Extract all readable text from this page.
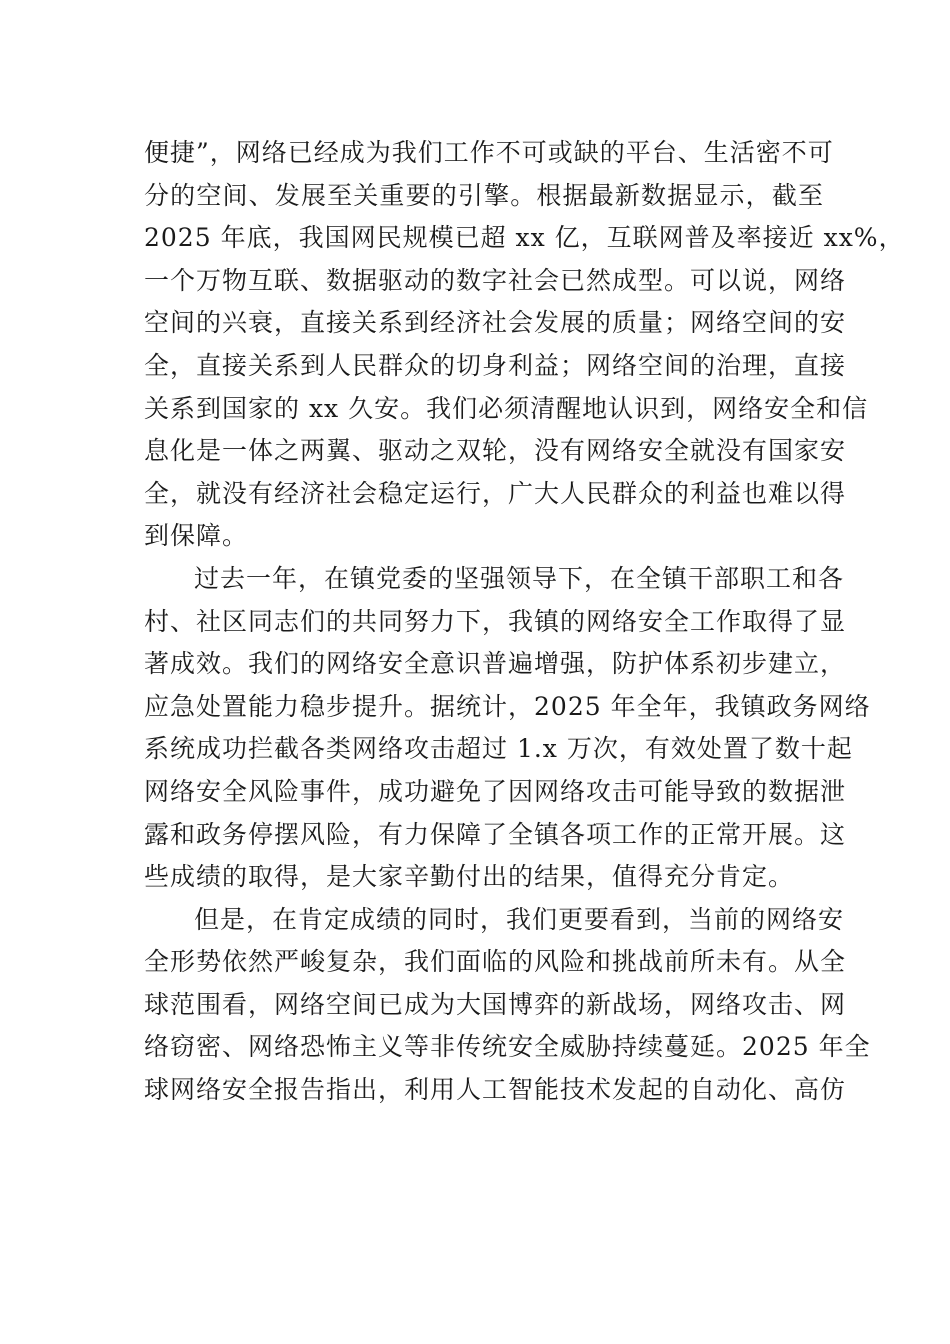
便捷”，网络已经成为我们工作不可或缺的平台、生活密不可
分的空间、发展至关重要的引擎。根据最新数据显示，截至
2025 年底，我国网民规模已超 xx 亿，互联网普及率接近 xx%，
一个万物互联、数据驱动的数字社会已然成型。可以说，网络
空间的兴衰，直接关系到经济社会发展的质量；网络空间的安
全，直接关系到人民群众的切身利益；网络空间的治理，直接
关系到国家的 xx 久安。我们必须清醒地认识到，网络安全和信
息化是一体之两翼、驱动之双轮，没有网络安全就没有国家安
全，就没有经济社会稳定运行，广大人民群众的利益也难以得
到保障。
过去一年，在镇党委的坚强领导下，在全镇干部职工和各
村、社区同志们的共同努力下，我镇的网络安全工作取得了显
著成效。我们的网络安全意识普遍增强，防护体系初步建立，
应急处置能力稳步提升。据统计，2025 年全年，我镇政务网络
系统成功拦截各类网络攻击超过 1.x 万次，有效处置了数十起
网络安全风险事件，成功避免了因网络攻击可能导致的数据泄
露和政务停摆风险，有力保障了全镇各项工作的正常开展。这
些成绩的取得，是大家辛勤付出的结果，值得充分肯定。
但是，在肯定成绩的同时，我们更要看到，当前的网络安
全形势依然严峻复杂，我们面临的风险和挑战前所未有。从全
球范围看，网络空间已成为大国博弈的新战场，网络攻击、网
络窃密、网络恐怖主义等非传统安全威胁持续蔓延。2025 年全
球网络安全报告指出，利用人工智能技术发起的自动化、高仿
